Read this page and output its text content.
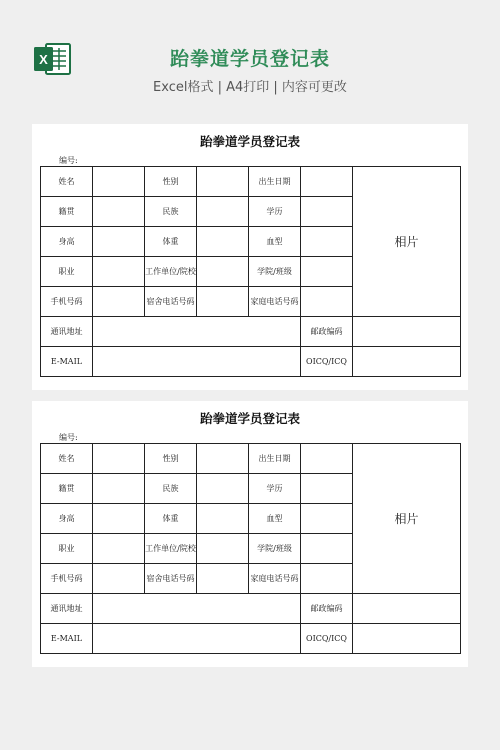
X	跆拳道学员登记表
Excel格式 | A4打印 | 内容可更改
跆拳道学员登记表
编号:
姓名		性别		出生日期		相片
籍贯		民族		学历		
身高		体重		血型		
职业		工作单位/院校		学院/班级		
手机号码		宿舍电话号码		家庭电话号码		
通讯地址					邮政编码	
E-MAIL					OICQ/ICQ	
跆拳道学员登记表
编号:
姓名		性别		出生日期		相片
籍贯		民族		学历		
身高		体重		血型		
职业		工作单位/院校		学院/班级		
手机号码		宿舍电话号码		家庭电话号码		
通讯地址					邮政编码	
E-MAIL					OICQ/ICQ	
